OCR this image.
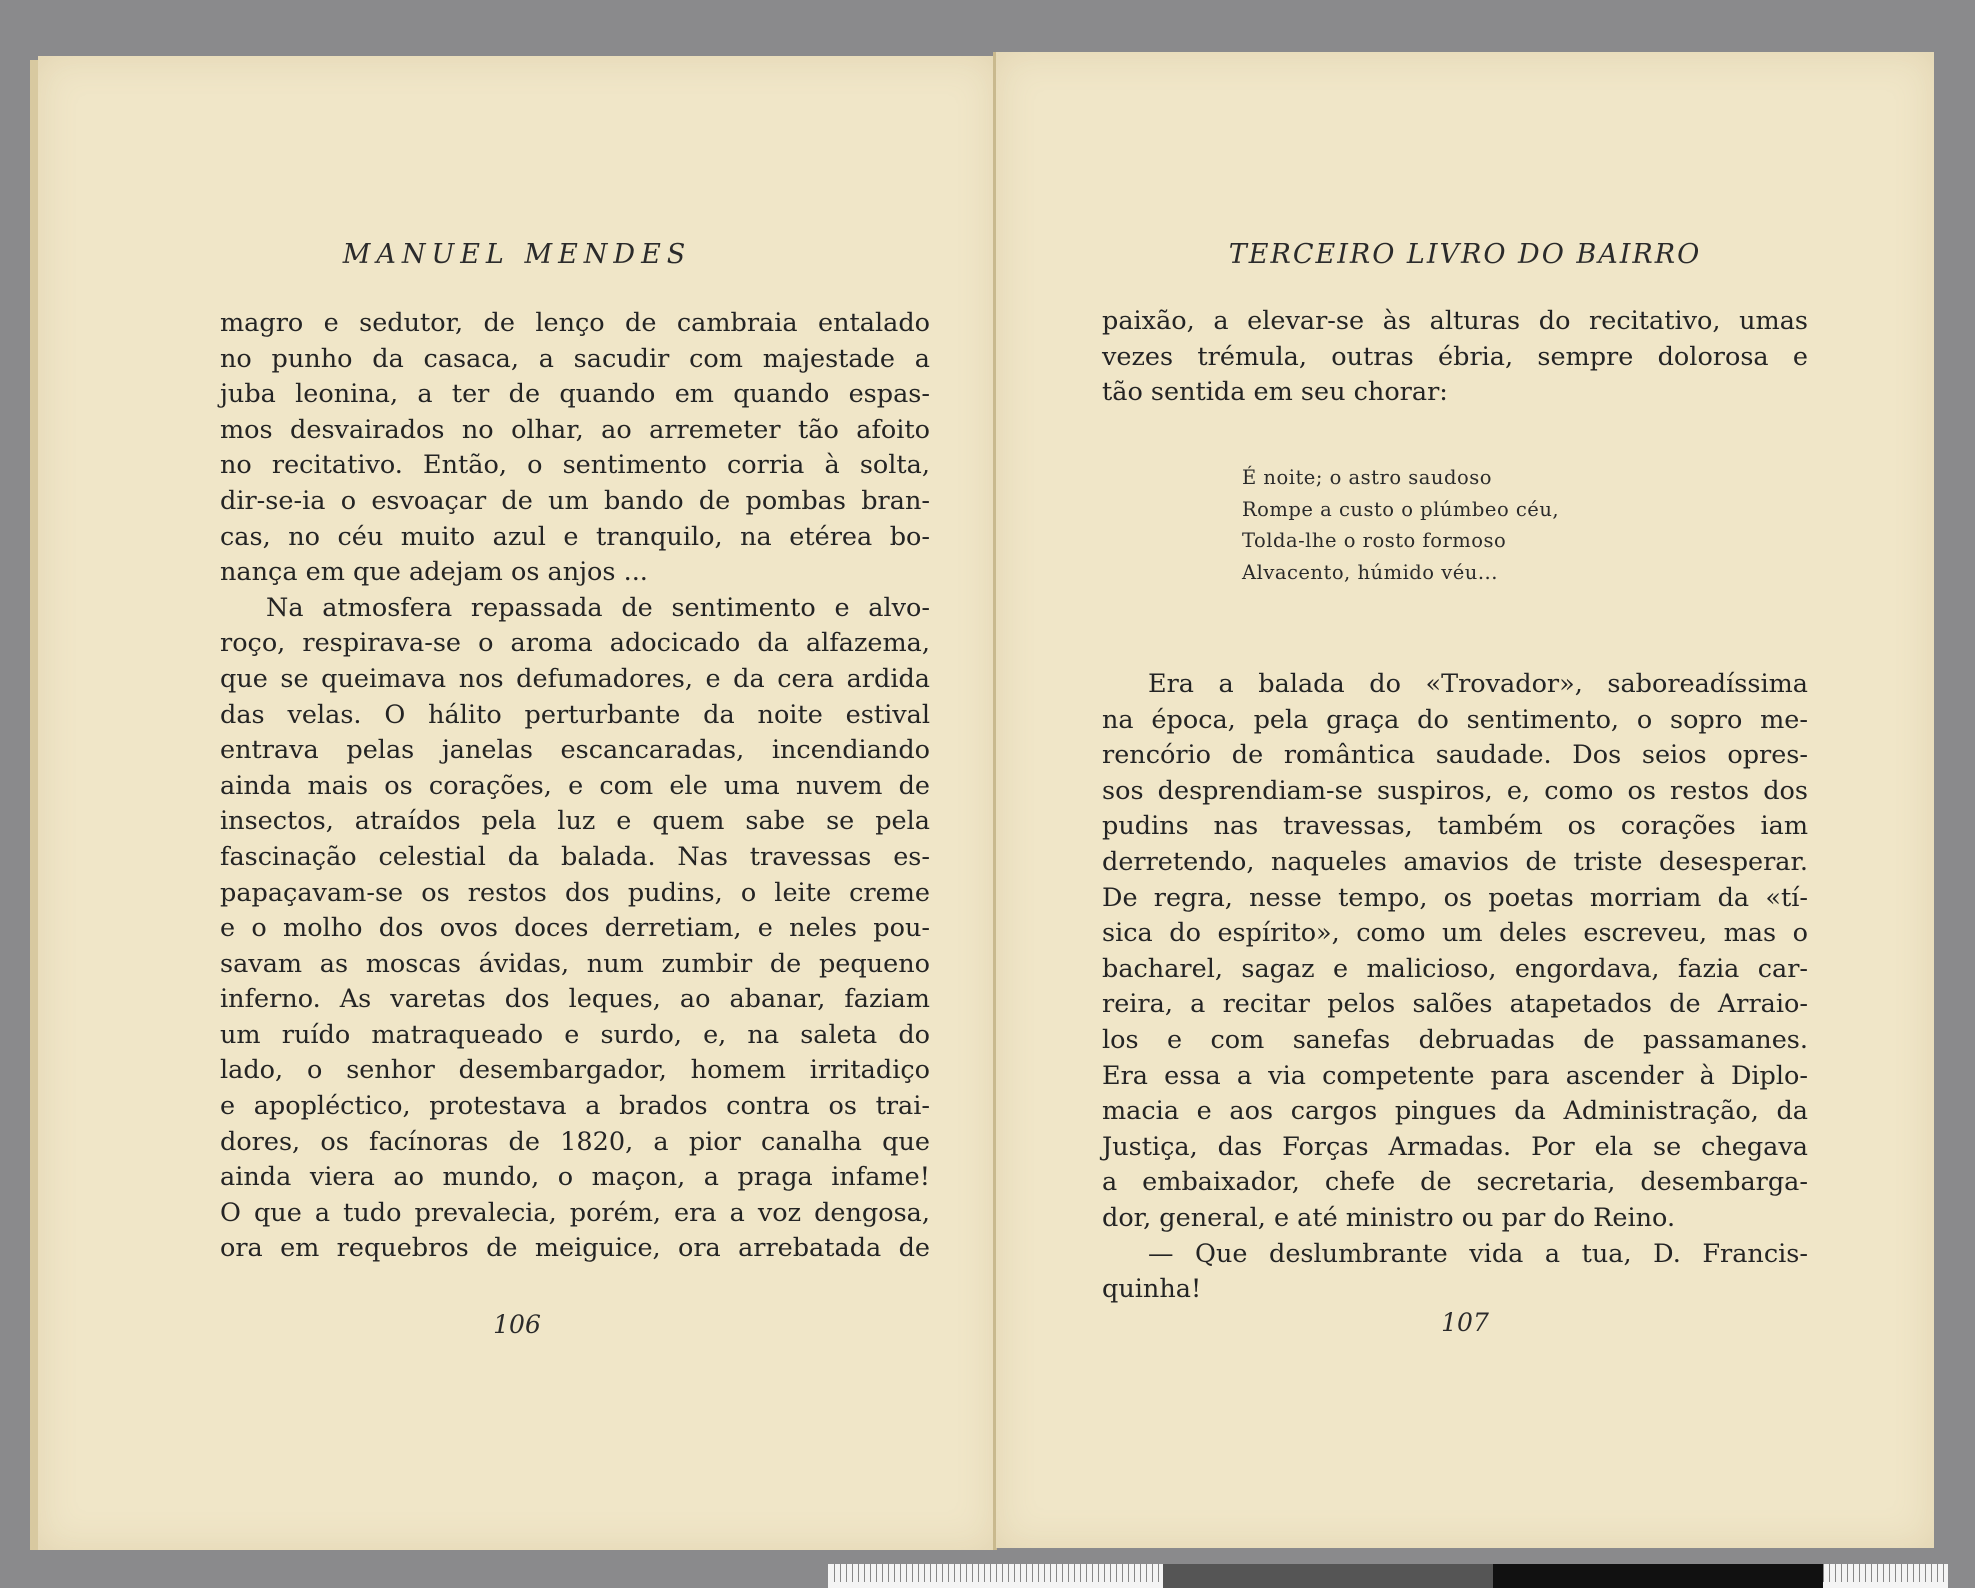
MANUEL MENDES
magro e sedutor, de lenço de cambraia entalado
no punho da casaca, a sacudir com majestade a
juba leonina, a ter de quando em quando espas-
mos desvairados no olhar, ao arremeter tão afoito
no recitativo. Então, o sentimento corria à solta,
dir-se-ia o esvoaçar de um bando de pombas bran-
cas, no céu muito azul e tranquilo, na etérea bo-
nança em que adejam os anjos ...
Na atmosfera repassada de sentimento e alvo-
roço, respirava-se o aroma adocicado da alfazema,
que se queimava nos defumadores, e da cera ardida
das velas. O hálito perturbante da noite estival
entrava pelas janelas escancaradas, incendiando
ainda mais os corações, e com ele uma nuvem de
insectos, atraídos pela luz e quem sabe se pela
fascinação celestial da balada. Nas travessas es-
papaçavam-se os restos dos pudins, o leite creme
e o molho dos ovos doces derretiam, e neles pou-
savam as moscas ávidas, num zumbir de pequeno
inferno. As varetas dos leques, ao abanar, faziam
um ruído matraqueado e surdo, e, na saleta do
lado, o senhor desembargador, homem irritadiço
e apopléctico, protestava a brados contra os trai-
dores, os facínoras de 1820, a pior canalha que
ainda viera ao mundo, o maçon, a praga infame!
O que a tudo prevalecia, porém, era a voz dengosa,
ora em requebros de meiguice, ora arrebatada de
106
TERCEIRO LIVRO DO BAIRRO
paixão, a elevar-se às alturas do recitativo, umas
vezes trémula, outras ébria, sempre dolorosa e
tão sentida em seu chorar:
É noite; o astro saudoso
Rompe a custo o plúmbeo céu,
Tolda-lhe o rosto formoso
Alvacento, húmido véu...
Era a balada do «Trovador», saboreadíssima
na época, pela graça do sentimento, o sopro me-
rencório de romântica saudade. Dos seios opres-
sos desprendiam-se suspiros, e, como os restos dos
pudins nas travessas, também os corações iam
derretendo, naqueles amavios de triste desesperar.
De regra, nesse tempo, os poetas morriam da «tí-
sica do espírito», como um deles escreveu, mas o
bacharel, sagaz e malicioso, engordava, fazia car-
reira, a recitar pelos salões atapetados de Arraio-
los e com sanefas debruadas de passamanes.
Era essa a via competente para ascender à Diplo-
macia e aos cargos pingues da Administração, da
Justiça, das Forças Armadas. Por ela se chegava
a embaixador, chefe de secretaria, desembarga-
dor, general, e até ministro ou par do Reino.
— Que deslumbrante vida a tua, D. Francis-
quinha!
107
